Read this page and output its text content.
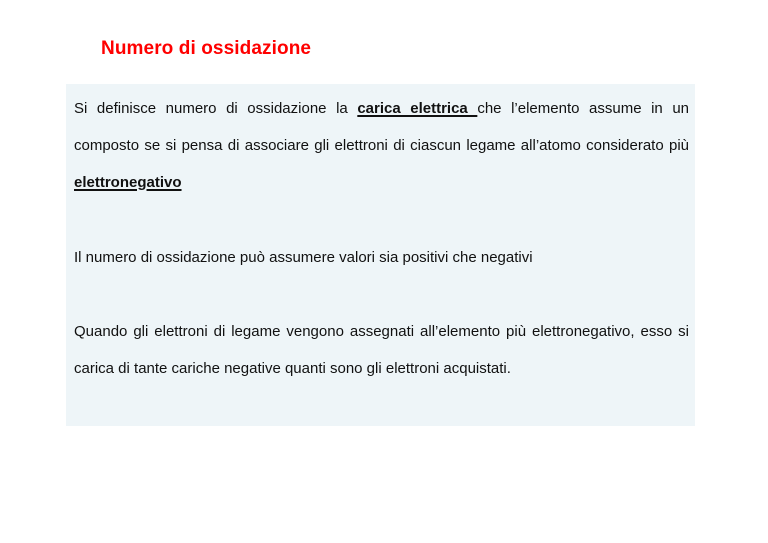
Numero di ossidazione

Si definisce numero di ossidazione la carica elettrica che l’elemento assume in un composto se si pensa di associare gli elettroni di ciascun legame all’atomo considerato più elettronegativo

Il numero di ossidazione può assumere valori sia positivi che negativi

Quando gli elettroni di legame vengono assegnati all’elemento più elettronegativo, esso si carica di tante cariche negative quanti sono gli elettroni acquistati.
